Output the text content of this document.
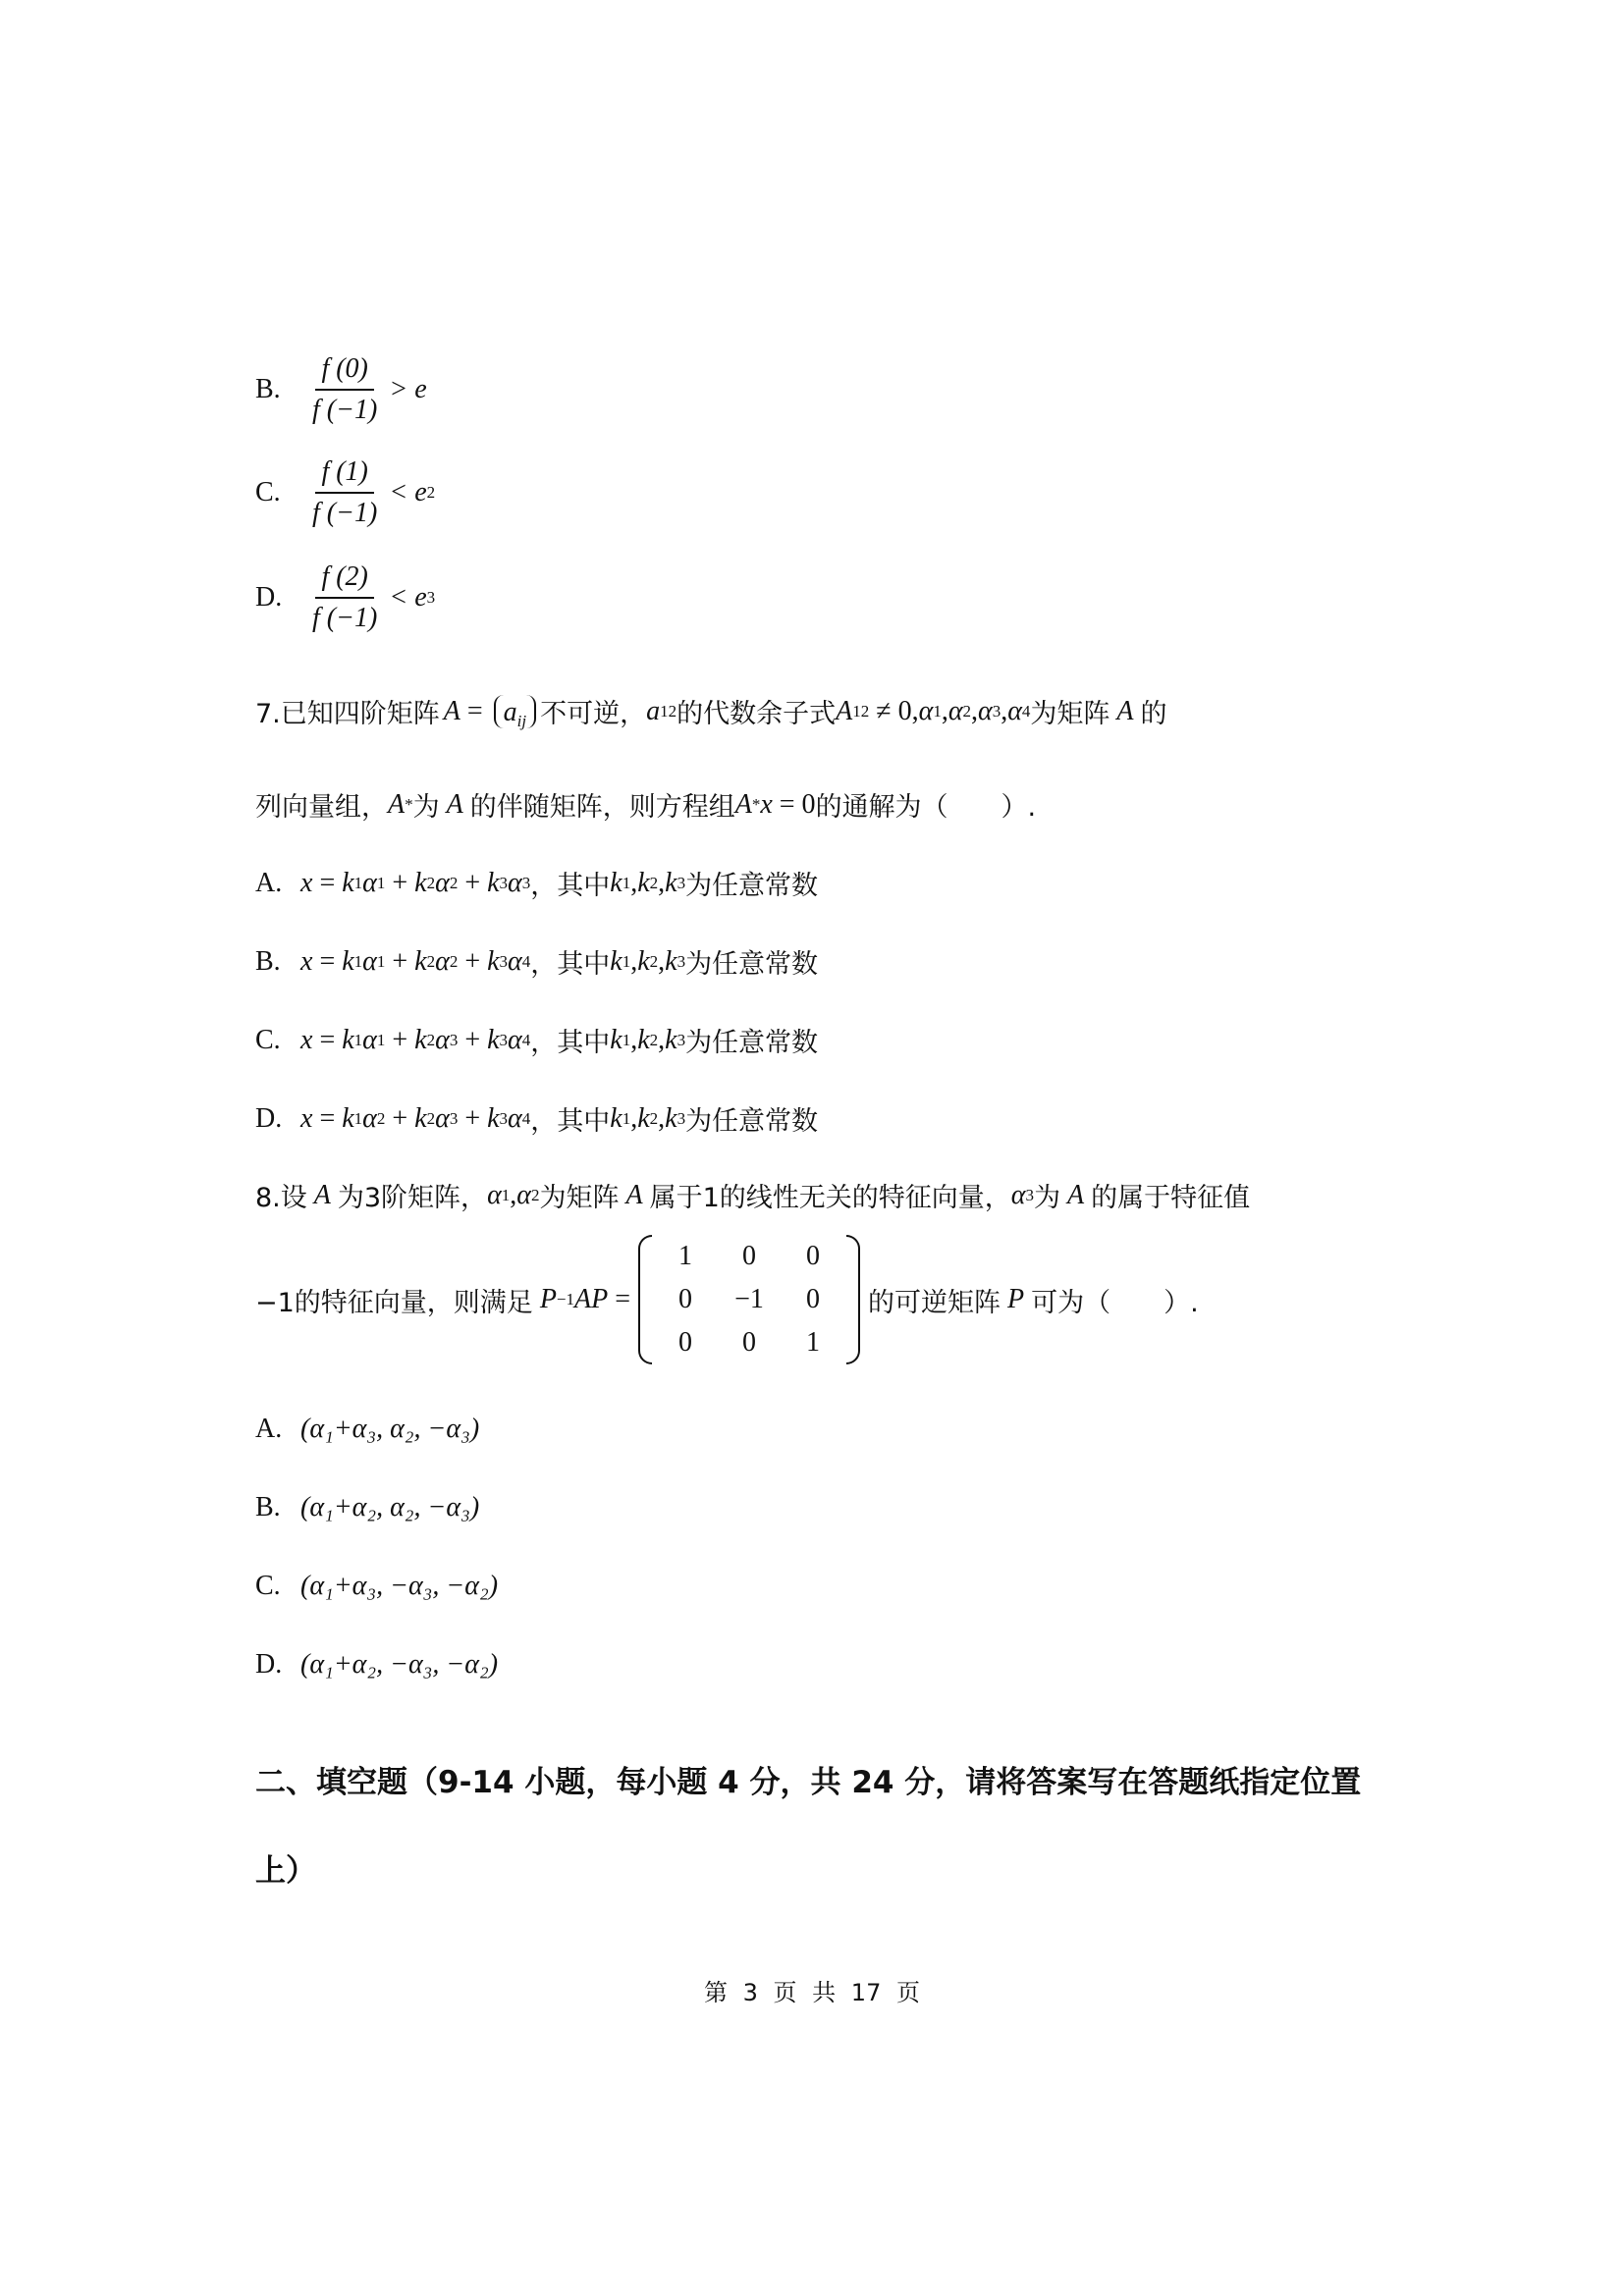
B. $\frac{f (0)}{f (-1)} > e$
C. $\frac{f (1)}{f (-1)} < e$ 2
D. $\frac{f (2)}{f (-1)} < e$ 3
7.已知四阶矩阵 $A = a_{ij}$ 不可逆， a 12 的代数余子式 A 12 ≠ 0, α 1 , α 2 , α 3 , α 4 为矩阵 A 的
列向量组， A * 为 A 的伴随矩阵，则方程组 A * x = 0 的通解为（　　）.
A. x = k 1 α 1 + k 2 α 2 + k 3 α 3 ，其中 k 1 , k 2 , k 3 为任意常数
B. x = k 1 α 1 + k 2 α 2 + k 3 α 4 ，其中 k 1 , k 2 , k 3 为任意常数
C. x = k 1 α 1 + k 2 α 3 + k 3 α 4 ，其中 k 1 , k 2 , k 3 为任意常数
D. x = k 1 α 2 + k 2 α 3 + k 3 α 4 ，其中 k 1 , k 2 , k 3 为任意常数
8.设 A 为3阶矩阵， α 1 , α 2 为矩阵 A 属于1的线性无关的特征向量， α 3 为 A 的属于特征值
−1的特征向量，则满足 P −1 AP =
1	0	0
0	−1	0
0	0	1
的可逆矩阵 P 可为（　　）.
A. (α₁+α₃, α₂, −α₃)
B. (α₁+α₂, α₂, −α₃)
C. (α₁+α₃, −α₃, −α₂)
D. (α₁+α₂, −α₃, −α₂)
二、填空题（9-14 小题，每小题 4 分，共 24 分，请将答案写在答题纸指定位置
上）
第 3 页 共 17 页
